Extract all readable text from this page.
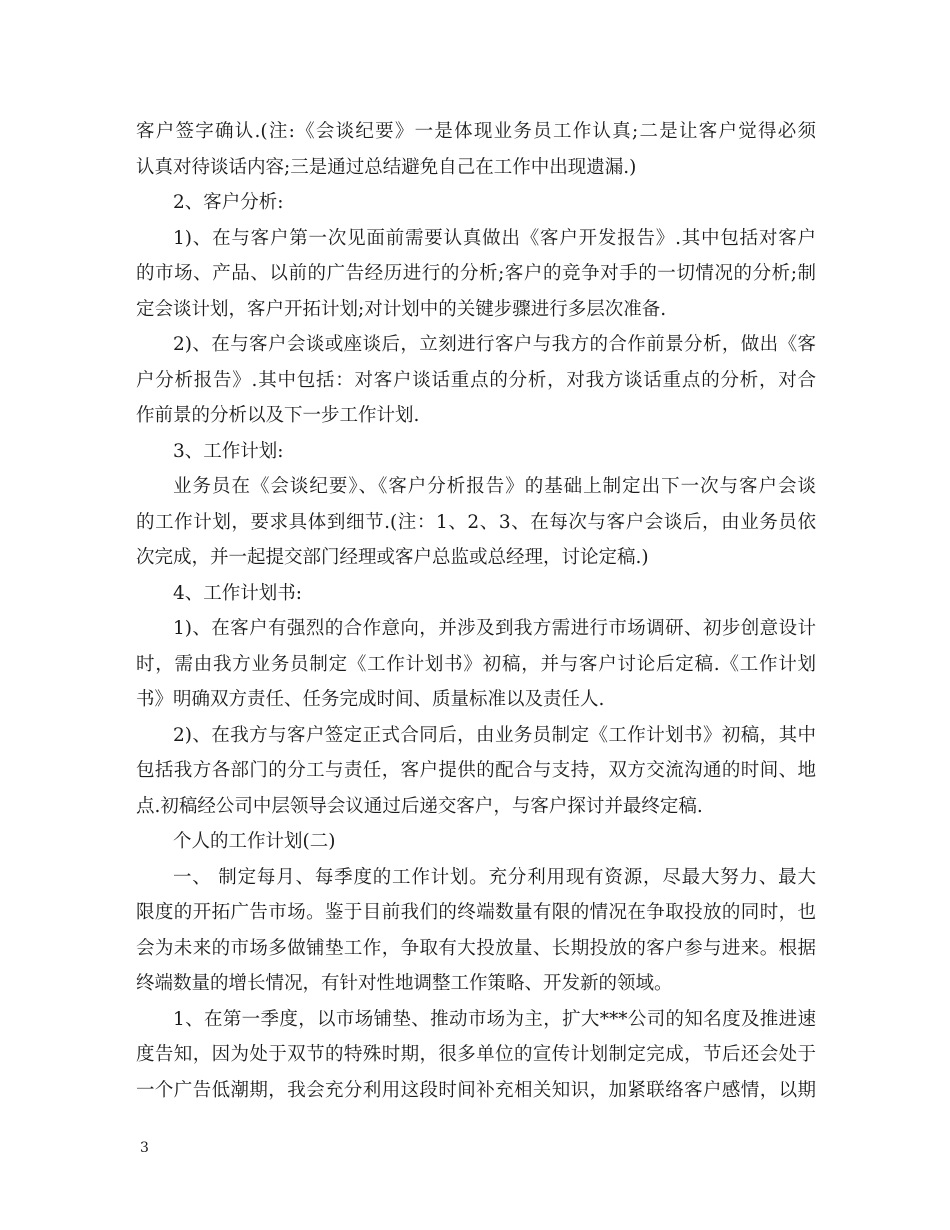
客户签字确认.(注:《会谈纪要》一是体现业务员工作认真;二是让客户觉得必须
认真对待谈话内容;三是通过总结避免自己在工作中出现遗漏.)
2、客户分析:
1)、在与客户第一次见面前需要认真做出《客户开发报告》.其中包括对客户
的市场、产品、以前的广告经历进行的分析;客户的竞争对手的一切情况的分析;制
定会谈计划，客户开拓计划;对计划中的关键步骤进行多层次准备.
2)、在与客户会谈或座谈后，立刻进行客户与我方的合作前景分析，做出《客
户分析报告》.其中包括：对客户谈话重点的分析，对我方谈话重点的分析，对合
作前景的分析以及下一步工作计划.
3、工作计划:
业务员在《会谈纪要》、《客户分析报告》的基础上制定出下一次与客户会谈
的工作计划，要求具体到细节.(注：1、2、3、在每次与客户会谈后，由业务员依
次完成，并一起提交部门经理或客户总监或总经理，讨论定稿.)
4、工作计划书:
1)、在客户有强烈的合作意向，并涉及到我方需进行市场调研、初步创意设计
时，需由我方业务员制定《工作计划书》初稿，并与客户讨论后定稿.《工作计划
书》明确双方责任、任务完成时间、质量标准以及责任人.
2)、在我方与客户签定正式合同后，由业务员制定《工作计划书》初稿，其中
包括我方各部门的分工与责任，客户提供的配合与支持，双方交流沟通的时间、地
点.初稿经公司中层领导会议通过后递交客户，与客户探讨并最终定稿.
个人的工作计划(二)
一、 制定每月、每季度的工作计划。充分利用现有资源，尽最大努力、最大
限度的开拓广告市场。鉴于目前我们的终端数量有限的情况在争取投放的同时，也
会为未来的市场多做铺垫工作，争取有大投放量、长期投放的客户参与进来。根据
终端数量的增长情况，有针对性地调整工作策略、开发新的领域。
1、在第一季度，以市场铺垫、推动市场为主，扩大***公司的知名度及推进速
度告知，因为处于双节的特殊时期，很多单位的宣传计划制定完成，节后还会处于
一个广告低潮期，我会充分利用这段时间补充相关知识，加紧联络客户感情，以期
3
